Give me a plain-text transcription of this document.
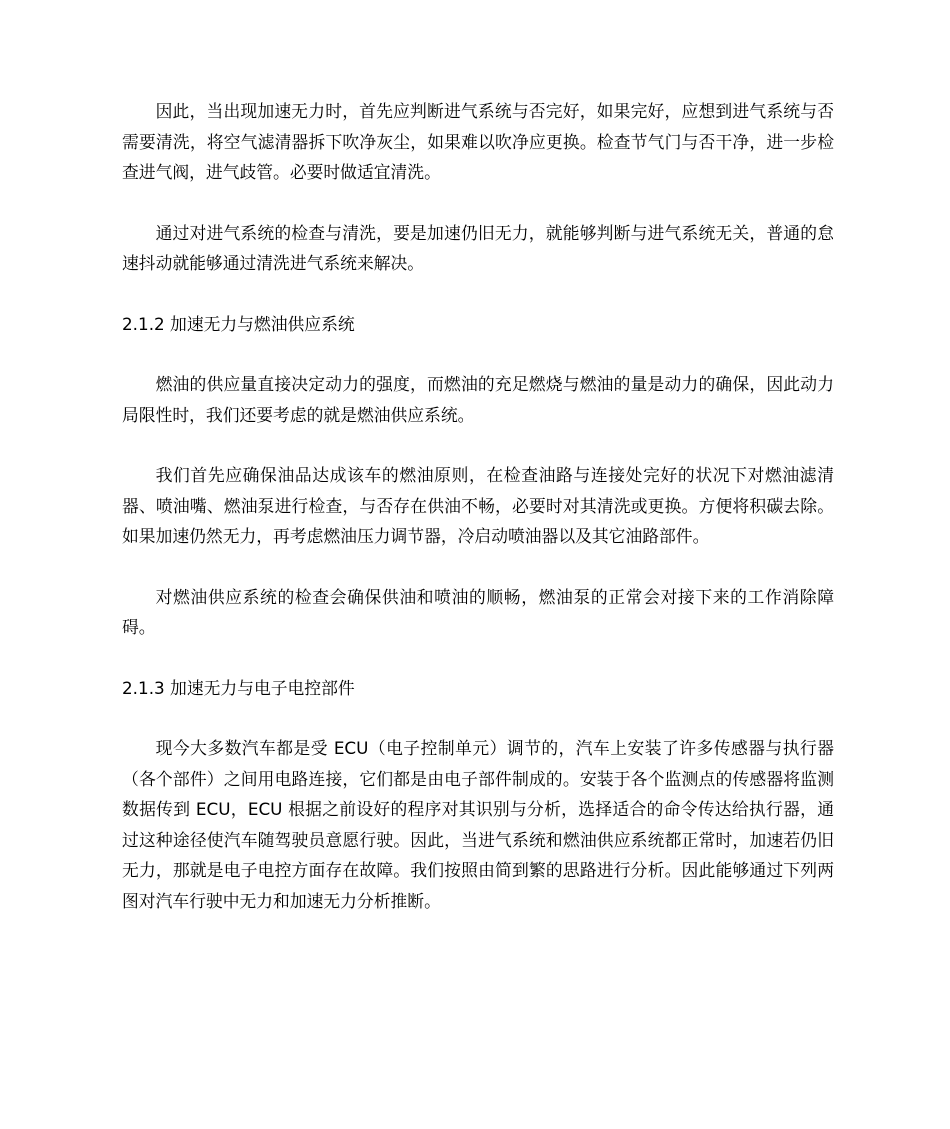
因此，当出现加速无力时，首先应判断进气系统与否完好，如果完好，应想到进气系统与否需要清洗，将空气滤清器拆下吹净灰尘，如果难以吹净应更换。检查节气门与否干净，进一步检查进气阀，进气歧管。必要时做适宜清洗。

通过对进气系统的检查与清洗，要是加速仍旧无力，就能够判断与进气系统无关，普通的怠速抖动就能够通过清洗进气系统来解决。

2.1.2 加速无力与燃油供应系统

燃油的供应量直接决定动力的强度，而燃油的充足燃烧与燃油的量是动力的确保，因此动力局限性时，我们还要考虑的就是燃油供应系统。

我们首先应确保油品达成该车的燃油原则，在检查油路与连接处完好的状况下对燃油滤清器、喷油嘴、燃油泵进行检查，与否存在供油不畅，必要时对其清洗或更换。方便将积碳去除。如果加速仍然无力，再考虑燃油压力调节器，冷启动喷油器以及其它油路部件。

对燃油供应系统的检查会确保供油和喷油的顺畅，燃油泵的正常会对接下来的工作消除障碍。

2.1.3 加速无力与电子电控部件

现今大多数汽车都是受 ECU（电子控制单元）调节的，汽车上安装了许多传感器与执行器（各个部件）之间用电路连接，它们都是由电子部件制成的。安装于各个监测点的传感器将监测数据传到 ECU，ECU 根据之前设好的程序对其识别与分析，选择适合的命令传达给执行器，通过这种途径使汽车随驾驶员意愿行驶。因此，当进气系统和燃油供应系统都正常时，加速若仍旧无力，那就是电子电控方面存在故障。我们按照由简到繁的思路进行分析。因此能够通过下列两图对汽车行驶中无力和加速无力分析推断。
